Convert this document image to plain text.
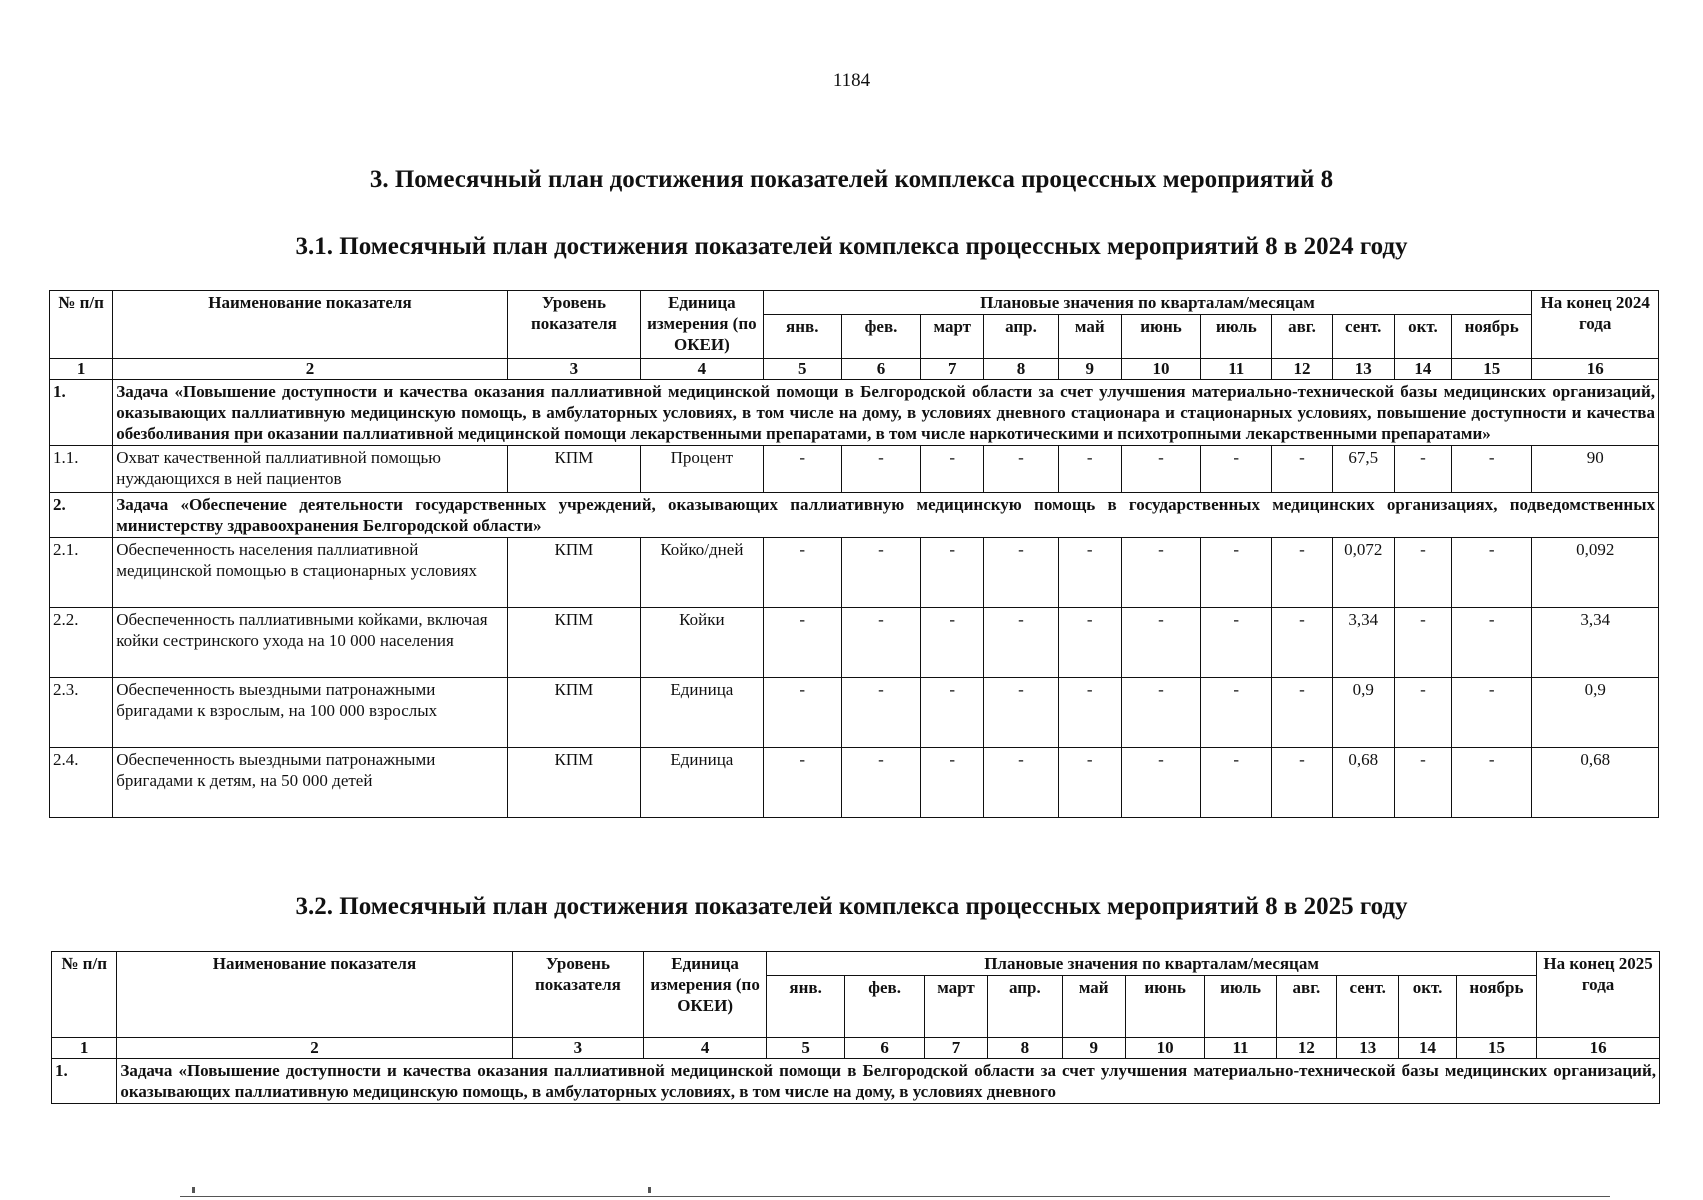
1184
3. Помесячный план достижения показателей комплекса процессных мероприятий 8
3.1. Помесячный план достижения показателей комплекса процессных мероприятий 8 в 2024 году
№ п/п	Наименование показателя	Уровень показателя	Единица измерения (по ОКЕИ)	Плановые значения по кварталам/месяцам											На конец 2024 года
				янв.	фев.	март	апр.	май	июнь	июль	авг.	сент.	окт.	ноябрь	
1	2	3	4	5	6	7	8	9	10	11	12	13	14	15	16
1.	Задача «Повышение доступности и качества оказания паллиативной медицинской помощи в Белгородской области за счет улучшения материально-технической базы медицинских организаций, оказывающих паллиативную медицинскую помощь, в амбулаторных условиях, в том числе на дому, в условиях дневного стационара и стационарных условиях, повышение доступности и качества обезболивания при оказании паллиативной медицинской помощи лекарственными препаратами, в том числе наркотическими и психотропными лекарственными препаратами»														
1.1.	Охват качественной паллиативной помощью нуждающихся в ней пациентов	КПМ	Процент	-	-	-	-	-	-	-	-	67,5	-	-	90
2.	Задача «Обеспечение деятельности государственных учреждений, оказывающих паллиативную медицинскую помощь в государственных медицинских организациях, подведомственных министерству здравоохранения Белгородской области»														
2.1.	Обеспеченность населения паллиативной медицинской помощью в стационарных условиях	КПМ	Койко/дней	-	-	-	-	-	-	-	-	0,072	-	-	0,092
2.2.	Обеспеченность паллиативными койками, включая койки сестринского ухода на 10 000 населения	КПМ	Койки	-	-	-	-	-	-	-	-	3,34	-	-	3,34
2.3.	Обеспеченность выездными патронажными бригадами к взрослым, на 100 000 взрослых	КПМ	Единица	-	-	-	-	-	-	-	-	0,9	-	-	0,9
2.4.	Обеспеченность выездными патронажными бригадами к детям, на 50 000 детей	КПМ	Единица	-	-	-	-	-	-	-	-	0,68	-	-	0,68
3.2. Помесячный план достижения показателей комплекса процессных мероприятий 8 в 2025 году
№ п/п	Наименование показателя	Уровень показателя	Единица измерения (по ОКЕИ)	Плановые значения по кварталам/месяцам											На конец 2025 года
				янв.	фев.	март	апр.	май	июнь	июль	авг.	сент.	окт.	ноябрь	
1	2	3	4	5	6	7	8	9	10	11	12	13	14	15	16
1.	Задача «Повышение доступности и качества оказания паллиативной медицинской помощи в Белгородской области за счет улучшения материально-технической базы медицинских организаций, оказывающих паллиативную медицинскую помощь, в амбулаторных условиях, в том числе на дому, в условиях дневного														
